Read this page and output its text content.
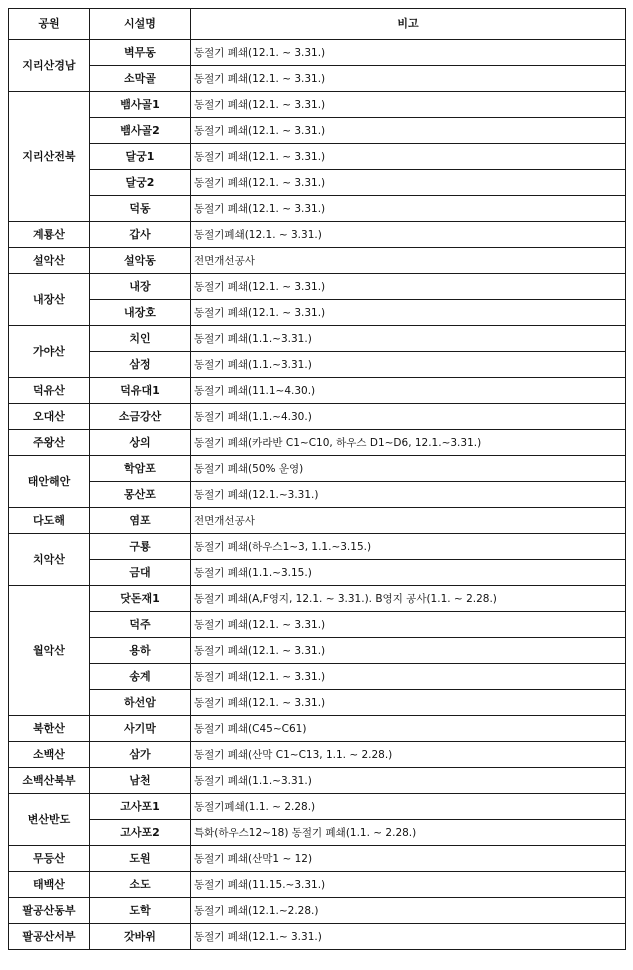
공원	시설명	비고
지리산경남	벽무동	동절기 폐쇄(12.1. ~ 3.31.)
	소막골	동절기 폐쇄(12.1. ~ 3.31.)
지리산전북	뱀사골1	동절기 폐쇄(12.1. ~ 3.31.)
	뱀사골2	동절기 폐쇄(12.1. ~ 3.31.)
	달궁1	동절기 폐쇄(12.1. ~ 3.31.)
	달궁2	동절기 폐쇄(12.1. ~ 3.31.)
	덕동	동절기 폐쇄(12.1. ~ 3.31.)
계룡산	갑사	동절기폐쇄(12.1. ~ 3.31.)
설악산	설악동	전면개선공사
내장산	내장	동절기 폐쇄(12.1. ~ 3.31.)
	내장호	동절기 폐쇄(12.1. ~ 3.31.)
가야산	치인	동절기 폐쇄(1.1.~3.31.)
	삼정	동절기 폐쇄(1.1.~3.31.)
덕유산	덕유대1	동절기 폐쇄(11.1~4.30.)
오대산	소금강산	동절기 폐쇄(1.1.~4.30.)
주왕산	상의	동절기 폐쇄(카라반 C1~C10, 하우스 D1~D6, 12.1.~3.31.)
태안해안	학암포	동절기 폐쇄(50% 운영)
	몽산포	동절기 폐쇄(12.1.~3.31.)
다도해	염포	전면개선공사
치악산	구룡	동절기 폐쇄(하우스1~3, 1.1.~3.15.)
	금대	동절기 폐쇄(1.1.~3.15.)
월악산	닷돈재1	동절기 폐쇄(A,F영지, 12.1. ~ 3.31.). B영지 공사(1.1. ~ 2.28.)
	덕주	동절기 폐쇄(12.1. ~ 3.31.)
	용하	동절기 폐쇄(12.1. ~ 3.31.)
	송계	동절기 폐쇄(12.1. ~ 3.31.)
	하선암	동절기 폐쇄(12.1. ~ 3.31.)
북한산	사기막	동절기 폐쇄(C45~C61)
소백산	삼가	동절기 폐쇄(산막 C1~C13, 1.1. ~ 2.28.)
소백산북부	남천	동절기 폐쇄(1.1.~3.31.)
변산반도	고사포1	동절기폐쇄(1.1. ~ 2.28.)
	고사포2	특화(하우스12~18) 동절기 폐쇄(1.1. ~ 2.28.)
무등산	도원	동절기 폐쇄(산막1 ~ 12)
태백산	소도	동절기 폐쇄(11.15.~3.31.)
팔공산동부	도학	동절기 폐쇄(12.1.~2.28.)
팔공산서부	갓바위	동절기 폐쇄(12.1.~ 3.31.)
